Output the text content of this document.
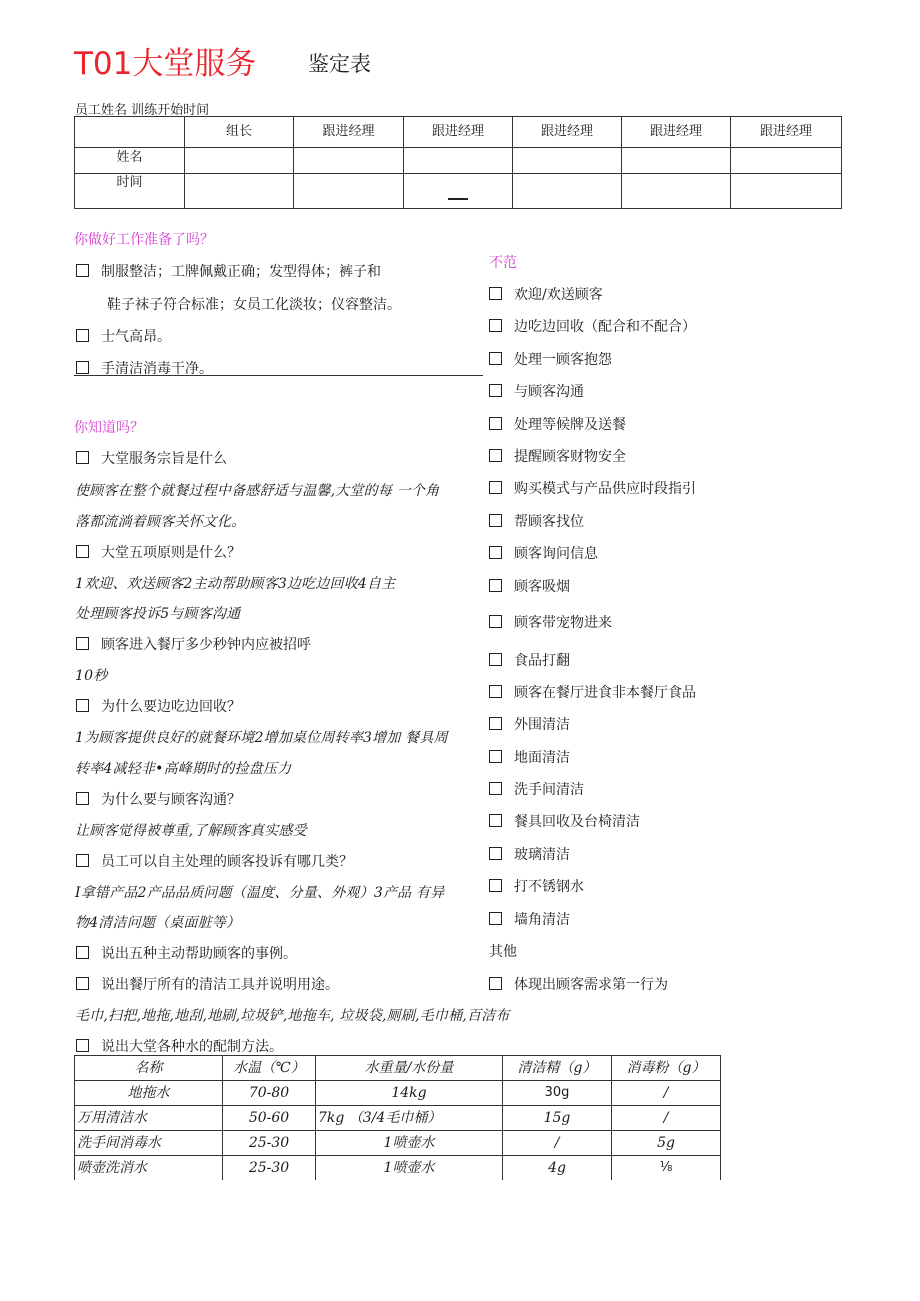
T01大堂服务 鉴定表
员工姓名 训练开始时间
	组长	跟进经理	跟进经理	跟进经理	跟进经理	跟进经理
姓名						
时间			

你做好工作准备了吗？
制服整洁；工牌佩戴正确；发型得体；裤子和
鞋子袜子符合标准；女员工化淡妆；仪容整洁。
士气高昂。
手清洁消毒干净。
你知道吗？
大堂服务宗旨是什么
使顾客在整个就餐过程中备感舒适与温馨,大堂的每 一个角
落都流淌着顾客关怀文化。
大堂五项原则是什么？
1欢迎、欢送顾客2主动帮助顾客3边吃边回收4自主
处理顾客投诉5与顾客沟通
顾客进入餐厅多少秒钟内应被招呼
10秒
为什么要边吃边回收？
1为顾客提供良好的就餐环境2增加桌位周转率3增加 餐具周
转率4减轻非•高峰期时的捡盘压力
为什么要与顾客沟通？
让顾客觉得被尊重,了解顾客真实感受
员工可以自主处理的顾客投诉有哪几类？
I拿错产品2产品品质问题（温度、分量、外观）3产品 有异
物4清洁问题（桌面脏等）
说出五种主动帮助顾客的事例。
说出餐厅所有的清洁工具并说明用途。
毛巾,扫把,地拖,地刮,地刷,垃圾铲,地拖车, 垃圾袋,厕刷,毛巾桶,百洁布
说出大堂各种水的配制方法。
不范
欢迎/欢送顾客
边吃边回收（配合和不配合）
处理一顾客抱怨
与顾客沟通
处理等候牌及送餐
提醒顾客财物安全
购买模式与产品供应时段指引
帮顾客找位
顾客询问信息
顾客吸烟
顾客带宠物进来
食品打翻
顾客在餐厅进食非本餐厅食品
外围清洁
地面清洁
洗手间清洁
餐具回收及台椅清洁
玻璃清洁
打不锈钢水
墙角清洁
其他
体现出顾客需求第一行为
名称	水温（℃）	水重量/水份量	清洁精（g）	消毒粉（g）
地拖水	70-80	14kg	30g	/
万用清洁水	50-60	7kg （3/4毛巾桶）	15g	/
洗手间消毒水	25-30	1喷壶水	/	5g
喷壶洗消水	25-30	1喷壶水	4g	⅛
